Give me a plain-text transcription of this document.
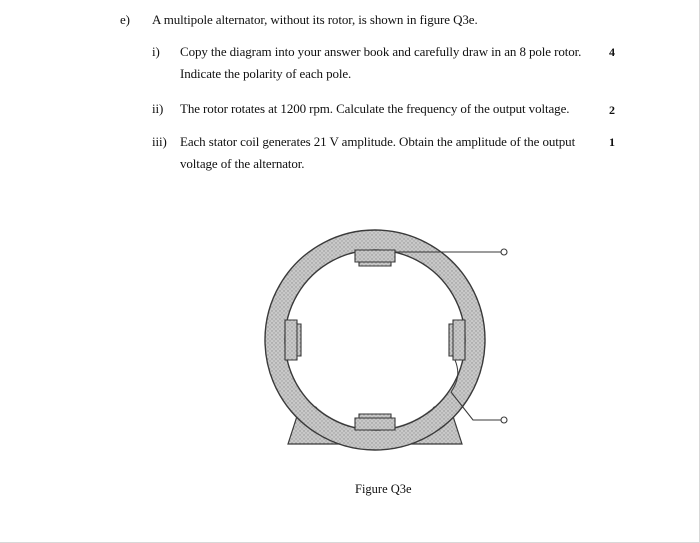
e) A multipole alternator, without its rotor, is shown in figure Q3e.
i) Copy the diagram into your answer book and carefully draw in an 8 pole rotor.
Indicate the polarity of each pole.
4
ii) The rotor rotates at 1200 rpm. Calculate the frequency of the output voltage.	2
iii) Each stator coil generates 21 V amplitude. Obtain the amplitude of the output
voltage of the alternator.
1
Figure Q3e
